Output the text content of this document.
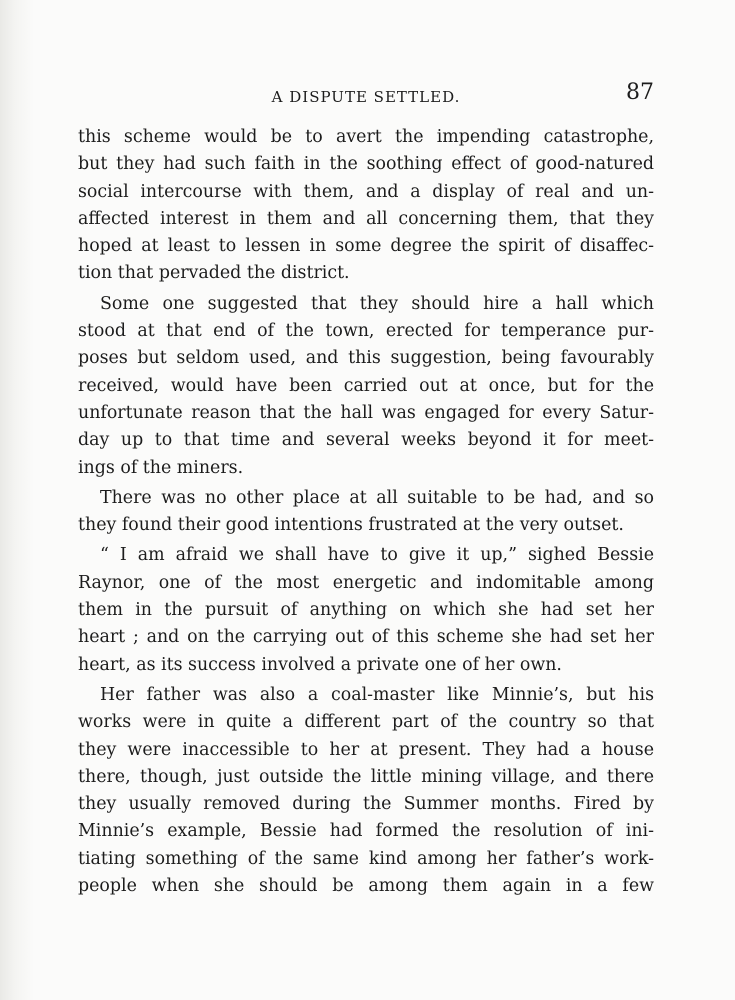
A DISPUTE SETTLED.	87
this scheme would be to avert the impending catastrophe,
but they had such faith in the soothing effect of good-natured
social intercourse with them, and a display of real and un-
affected interest in them and all concerning them, that they
hoped at least to lessen in some degree the spirit of disaffec-
tion that pervaded the district.
Some one suggested that they should hire a hall which
stood at that end of the town, erected for temperance pur-
poses but seldom used, and this suggestion, being favourably
received, would have been carried out at once, but for the
unfortunate reason that the hall was engaged for every Satur-
day up to that time and several weeks beyond it for meet-
ings of the miners.
There was no other place at all suitable to be had, and so
they found their good intentions frustrated at the very outset.
“ I am afraid we shall have to give it up,” sighed Bessie
Raynor, one of the most energetic and indomitable among
them in the pursuit of anything on which she had set her
heart ; and on the carrying out of this scheme she had set her
heart, as its success involved a private one of her own.
Her father was also a coal-master like Minnie’s, but his
works were in quite a different part of the country so that
they were inaccessible to her at present. They had a house
there, though, just outside the little mining village, and there
they usually removed during the Summer months. Fired by
Minnie’s example, Bessie had formed the resolution of ini-
tiating something of the same kind among her father’s work-
people when she should be among them again in a few
